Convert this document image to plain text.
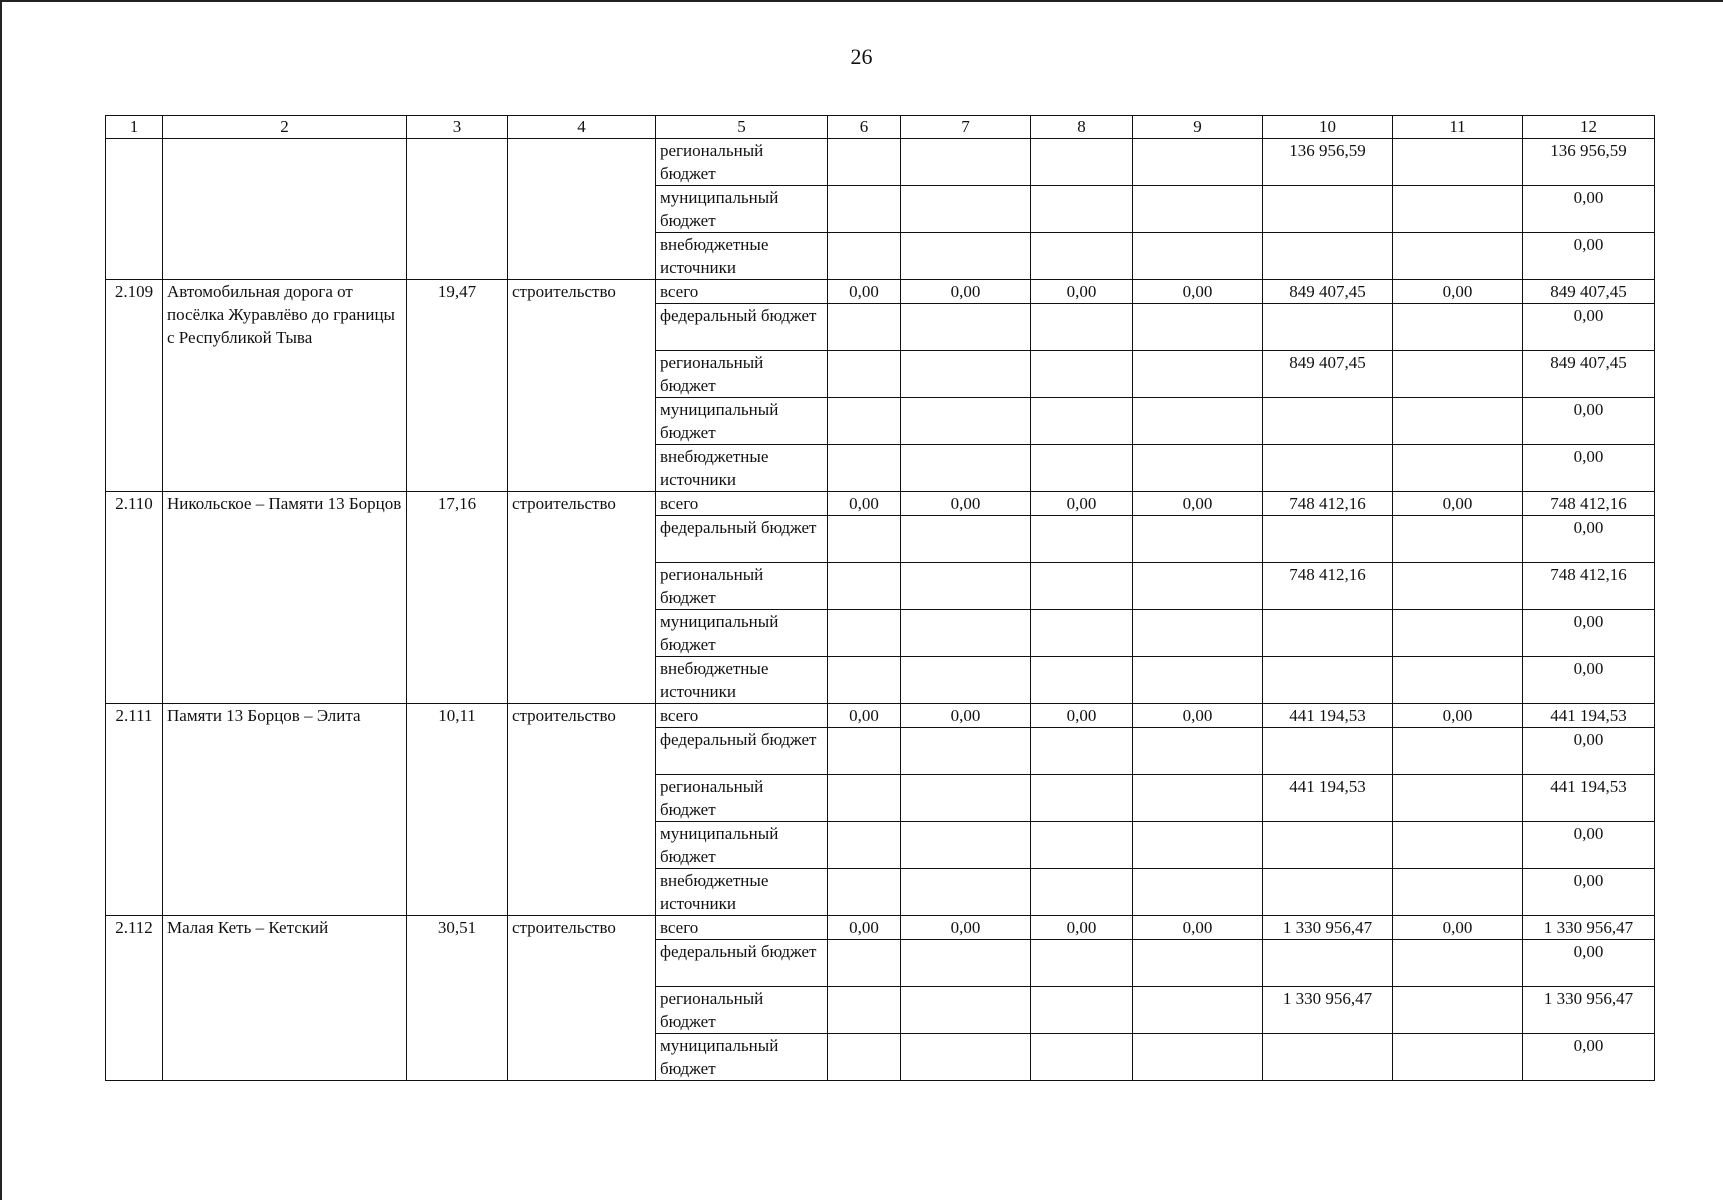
26
1	2	3	4	5	6	7	8	9	10	11	12
				региональный бюджет					136 956,59		136 956,59
				муниципальный бюджет							0,00
				внебюджетные источники							0,00
2.109	Автомобильная дорога от посёлка Журавлёво до границы с Республикой Тыва	19,47	строительство	всего	0,00	0,00	0,00	0,00	849 407,45	0,00	849 407,45
				федеральный бюджет							0,00
				региональный бюджет					849 407,45		849 407,45
				муниципальный бюджет							0,00
				внебюджетные источники							0,00
2.110	Никольское – Памяти 13 Борцов	17,16	строительство	всего	0,00	0,00	0,00	0,00	748 412,16	0,00	748 412,16
				федеральный бюджет							0,00
				региональный бюджет					748 412,16		748 412,16
				муниципальный бюджет							0,00
				внебюджетные источники							0,00
2.111	Памяти 13 Борцов – Элита	10,11	строительство	всего	0,00	0,00	0,00	0,00	441 194,53	0,00	441 194,53
				федеральный бюджет							0,00
				региональный бюджет					441 194,53		441 194,53
				муниципальный бюджет							0,00
				внебюджетные источники							0,00
2.112	Малая Кеть – Кетский	30,51	строительство	всего	0,00	0,00	0,00	0,00	1 330 956,47	0,00	1 330 956,47
				федеральный бюджет							0,00
				региональный бюджет					1 330 956,47		1 330 956,47
				муниципальный бюджет							0,00
